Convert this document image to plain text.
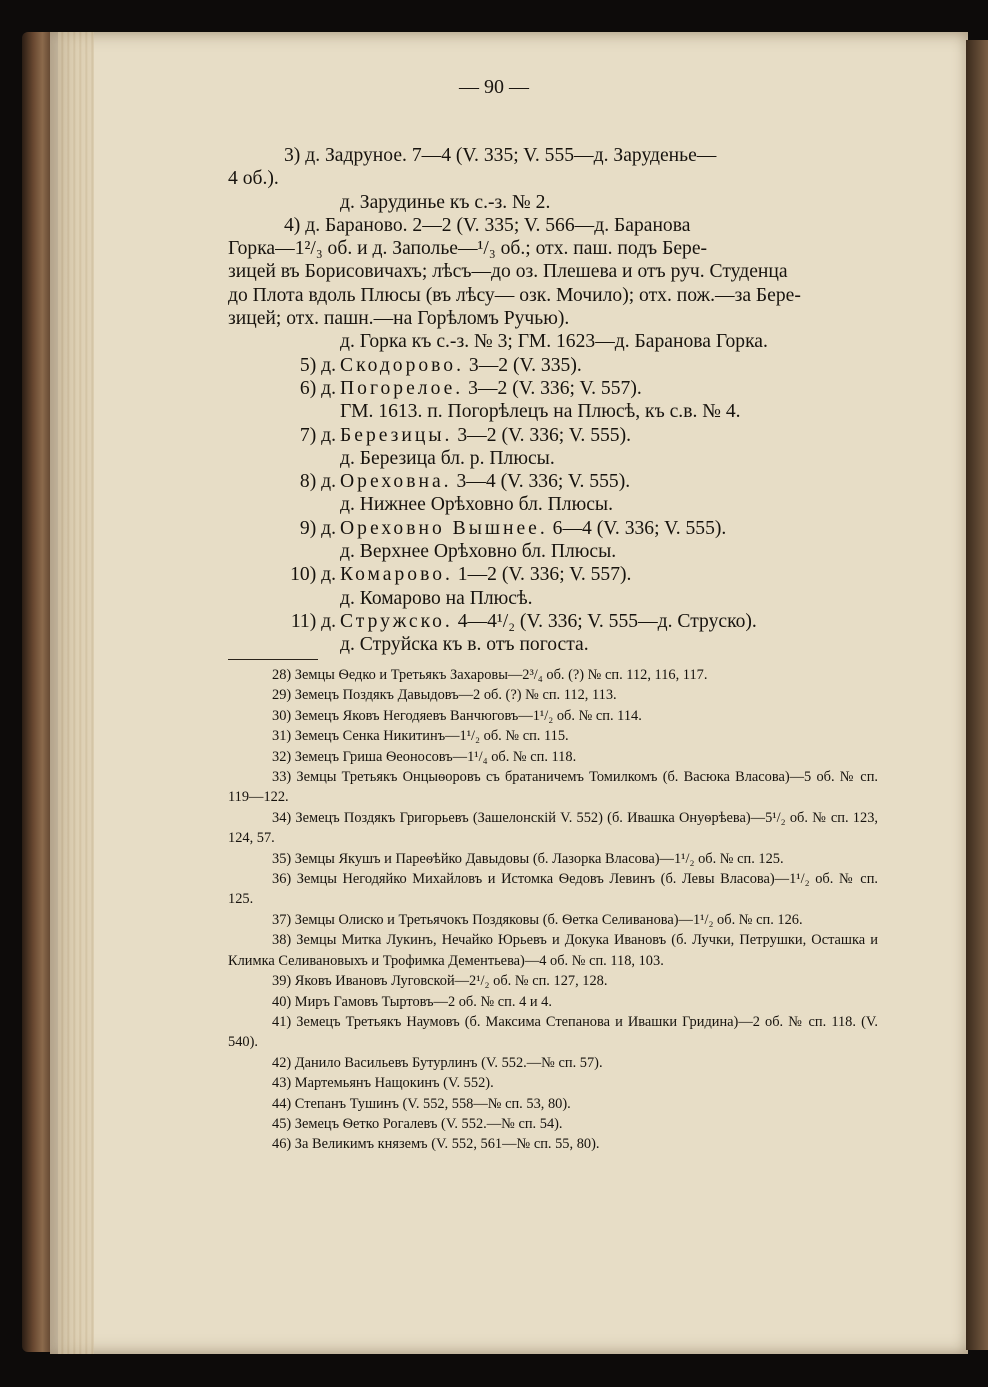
— 90 —

3) д. Задруное. 7—4 (V. 335; V. 555—д. Заруденье—

4 об.).

д. Зарудинье къ с.-з. № 2.

4) д. Бараново. 2—2 (V. 335; V. 566—д. Баранова

Горка—1²/₃ об. и д. Заполье—¹/₃ об.; отх. паш. подъ Бере-

зицей въ Борисовичахъ; лѣсъ—до оз. Плешева и отъ руч. Студенца

до Плота вдоль Плюсы (въ лѣсу— озк. Мочило); отх. пож.—за Бере-

зицей; отх. пашн.—на Горѣломъ Ручью).

д. Горка къ с.-з. № 3; ГМ. 1623—д. Баранова Горка.

5) д. Скодорово. 3—2 (V. 335).

6) д. Погорелое. 3—2 (V. 336; V. 557).

ГМ. 1613. п. Погорѣлецъ на Плюсѣ, къ с.в. № 4.

7) д. Березицы. 3—2 (V. 336; V. 555).

д. Березица бл. р. Плюсы.

8) д. Ореховна. 3—4 (V. 336; V. 555).

д. Нижнее Орѣховно бл. Плюсы.

9) д. Ореховно Вышнее. 6—4 (V. 336; V. 555).

д. Верхнее Орѣховно бл. Плюсы.

10) д. Комарово. 1—2 (V. 336; V. 557).

д. Комарово на Плюсѣ.

11) д. Стружско. 4—4¹/₂ (V. 336; V. 555—д. Струско).

д. Струйска къ в. отъ погоста.

28) Земцы Ѳедко и Третьякъ Захаровы—2³/₄ об. (?) № сп. 112, 116, 117.

29) Земецъ Поздякъ Давыдовъ—2 об. (?) № сп. 112, 113.

30) Земецъ Яковъ Негодяевъ Ванчюговъ—1¹/₂ об. № сп. 114.

31) Земецъ Сенка Никитинъ—1¹/₂ об. № сп. 115.

32) Земецъ Гриша Ѳеоносовъ—1¹/₄ об. № сп. 118.

33) Земцы Третьякъ Онцыѳоровъ съ братаничемъ Томилкомъ (б. Васюка Власова)—5 об. № сп. 119—122.

34) Земецъ Поздякъ Григорьевъ (Зашелонскій V. 552) (б. Ивашка Онуѳрѣева)—5¹/₂ об. № сп. 123, 124, 57.

35) Земцы Якушъ и Пареѳѣйко Давыдовы (б. Лазорка Власова)—1¹/₂ об. № сп. 125.

36) Земцы Негодяйко Михайловъ и Истомка Ѳедовъ Левинъ (б. Левы Власова)—1¹/₂ об. № сп. 125.

37) Земцы Олиско и Третьячокъ Поздяковы (б. Ѳетка Селиванова)—1¹/₂ об. № сп. 126.

38) Земцы Митка Лукинъ, Нечайко Юрьевъ и Докука Ивановъ (б. Лучки, Петрушки, Осташка и Климка Селивановыхъ и Трофимка Дементьева)—4 об. № сп. 118, 103.

39) Яковъ Ивановъ Луговской—2¹/₂ об. № сп. 127, 128.

40) Миръ Гамовъ Тыртовъ—2 об. № сп. 4 и 4.

41) Земецъ Третьякъ Наумовъ (б. Максима Степанова и Ивашки Гридина)—2 об. № сп. 118. (V. 540).

42) Данило Васильевъ Бутурлинъ (V. 552.—№ сп. 57).

43) Мартемьянъ Нащокинъ (V. 552).

44) Степанъ Тушинъ (V. 552, 558—№ сп. 53, 80).

45) Земецъ Ѳетко Рогалевъ (V. 552.—№ сп. 54).

46) За Великимъ княземъ (V. 552, 561—№ сп. 55, 80).
